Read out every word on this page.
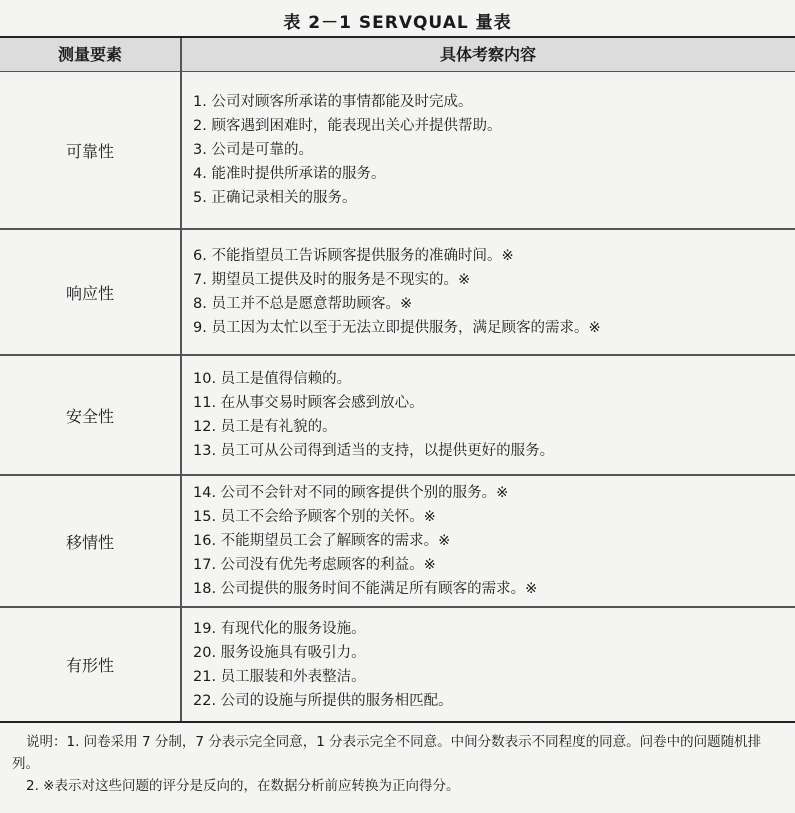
表 2－1 SERVQUAL 量表
测量要素	具体考察内容
可靠性
1. 公司对顾客所承诺的事情都能及时完成。
2. 顾客遇到困难时，能表现出关心并提供帮助。
3. 公司是可靠的。
4. 能准时提供所承诺的服务。
5. 正确记录相关的服务。
响应性
6. 不能指望员工告诉顾客提供服务的准确时间。※
7. 期望员工提供及时的服务是不现实的。※
8. 员工并不总是愿意帮助顾客。※
9. 员工因为太忙以至于无法立即提供服务，满足顾客的需求。※
安全性
10. 员工是值得信赖的。
11. 在从事交易时顾客会感到放心。
12. 员工是有礼貌的。
13. 员工可从公司得到适当的支持，以提供更好的服务。
移情性
14. 公司不会针对不同的顾客提供个别的服务。※
15. 员工不会给予顾客个别的关怀。※
16. 不能期望员工会了解顾客的需求。※
17. 公司没有优先考虑顾客的利益。※
18. 公司提供的服务时间不能满足所有顾客的需求。※
有形性
19. 有现代化的服务设施。
20. 服务设施具有吸引力。
21. 员工服装和外表整洁。
22. 公司的设施与所提供的服务相匹配。
说明：1. 问卷采用 7 分制，7 分表示完全同意，1 分表示完全不同意。中间分数表示不同程度的同意。问卷中的问题随机排列。
2. ※表示对这些问题的评分是反向的，在数据分析前应转换为正向得分。
